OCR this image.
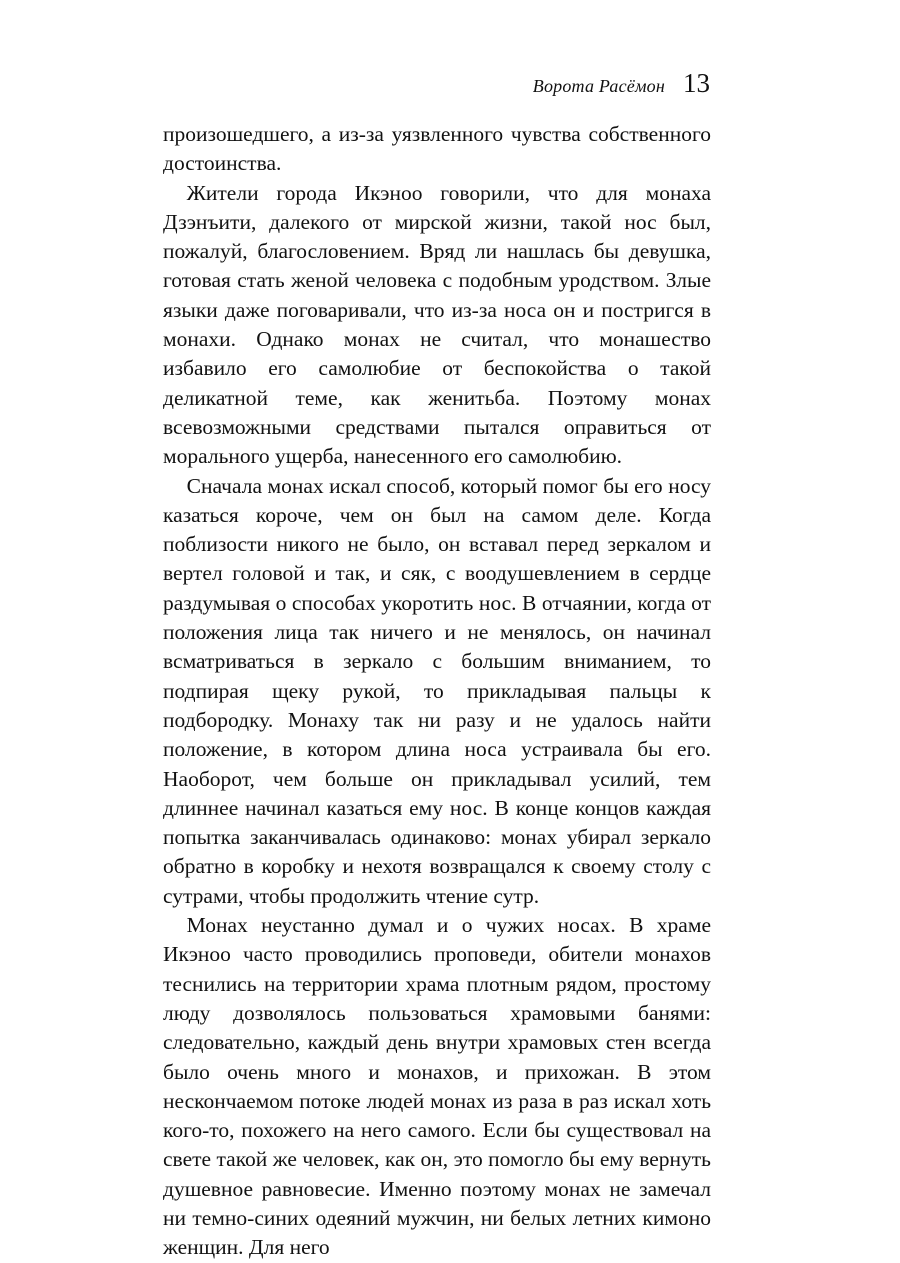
Ворота Расёмон 13

произошедшего, а из-за уязвленного чувства собственного достоинства.

Жители города Икэноо говорили, что для монаха Дзэнъити, далекого от мирской жизни, такой нос был, пожалуй, благословением. Вряд ли нашлась бы девушка, готовая стать женой человека с подобным уродством. Злые языки даже поговаривали, что из-за носа он и постригся в монахи. Однако монах не считал, что монашество избавило его самолюбие от беспокойства о такой деликатной теме, как женитьба. Поэтому монах всевозможными средствами пытался оправиться от морального ущерба, нанесенного его самолюбию.

Сначала монах искал способ, который помог бы его носу казаться короче, чем он был на самом деле. Когда поблизости никого не было, он вставал перед зеркалом и вертел головой и так, и сяк, с воодушевлением в сердце раздумывая о способах укоротить нос. В отчаянии, когда от положения лица так ничего и не менялось, он начинал всматриваться в зеркало с большим вниманием, то подпирая щеку рукой, то прикладывая пальцы к подбородку. Монаху так ни разу и не удалось найти положение, в котором длина носа устраивала бы его. Наоборот, чем больше он прикладывал усилий, тем длиннее начинал казаться ему нос. В конце концов каждая попытка заканчивалась одинаково: монах убирал зеркало обратно в коробку и нехотя возвращался к своему столу с сутрами, чтобы продолжить чтение сутр.

Монах неустанно думал и о чужих носах. В храме Икэноо часто проводились проповеди, обители монахов теснились на территории храма плотным рядом, простому люду дозволялось пользоваться храмовыми банями: следовательно, каждый день внутри храмовых стен всегда было очень много и монахов, и прихожан. В этом нескончаемом потоке людей монах из раза в раз искал хоть кого-то, похожего на него самого. Если бы существовал на свете такой же человек, как он, это помогло бы ему вернуть душевное равновесие. Именно поэтому монах не замечал ни темно-синих одеяний мужчин, ни белых летних кимоно женщин. Для него
